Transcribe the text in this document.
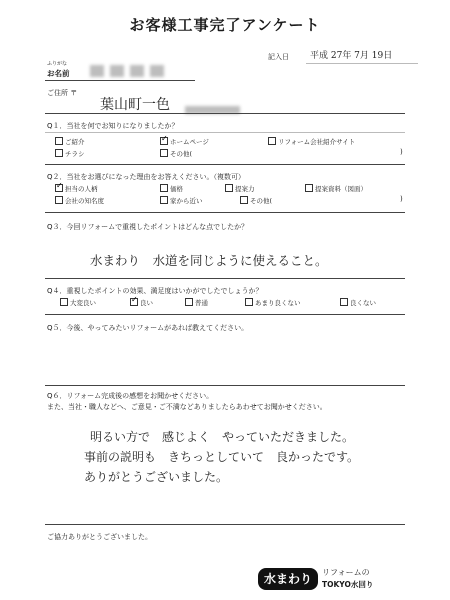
お客様工事完了アンケート
記入日 平成 27年 7月 19日
ふりがな
お名前
ご住所 〒
葉山町一色
Q１．当社を何でお知りになりましたか？
ご紹介 ✓	ホームページ	リフォーム会社紹介サイト
チラシ	その他(	)
Q２．当社をお選びになった理由をお答えください。（複数可）
✓担当の人柄	価格	提案力	提案資料（図面）
会社の知名度	家から近い	その他(	)
Q３．今回リフォームで重視したポイントはどんな点でしたか？
水まわり　水道を同じように使えること。
Q４．重視したポイントの効果、満足度はいかがでしたでしょうか？
大変良い ✓	良い	普通	あまり良くない	良くない
Q５．今後、やってみたいリフォームがあれば教えてください。
Q６．リフォーム完成後の感想をお聞かせください。
また、当社・職人などへ、ご意見・ご不満などありましたらあわせてお聞かせください。
明るい方で　感じよく　やっていただきました。
事前の説明も　きちっとしていて　良かったです。
ありがとうございました。
ご協力ありがとうございました。
水まわり	リフォームの
TOKYO水回り
